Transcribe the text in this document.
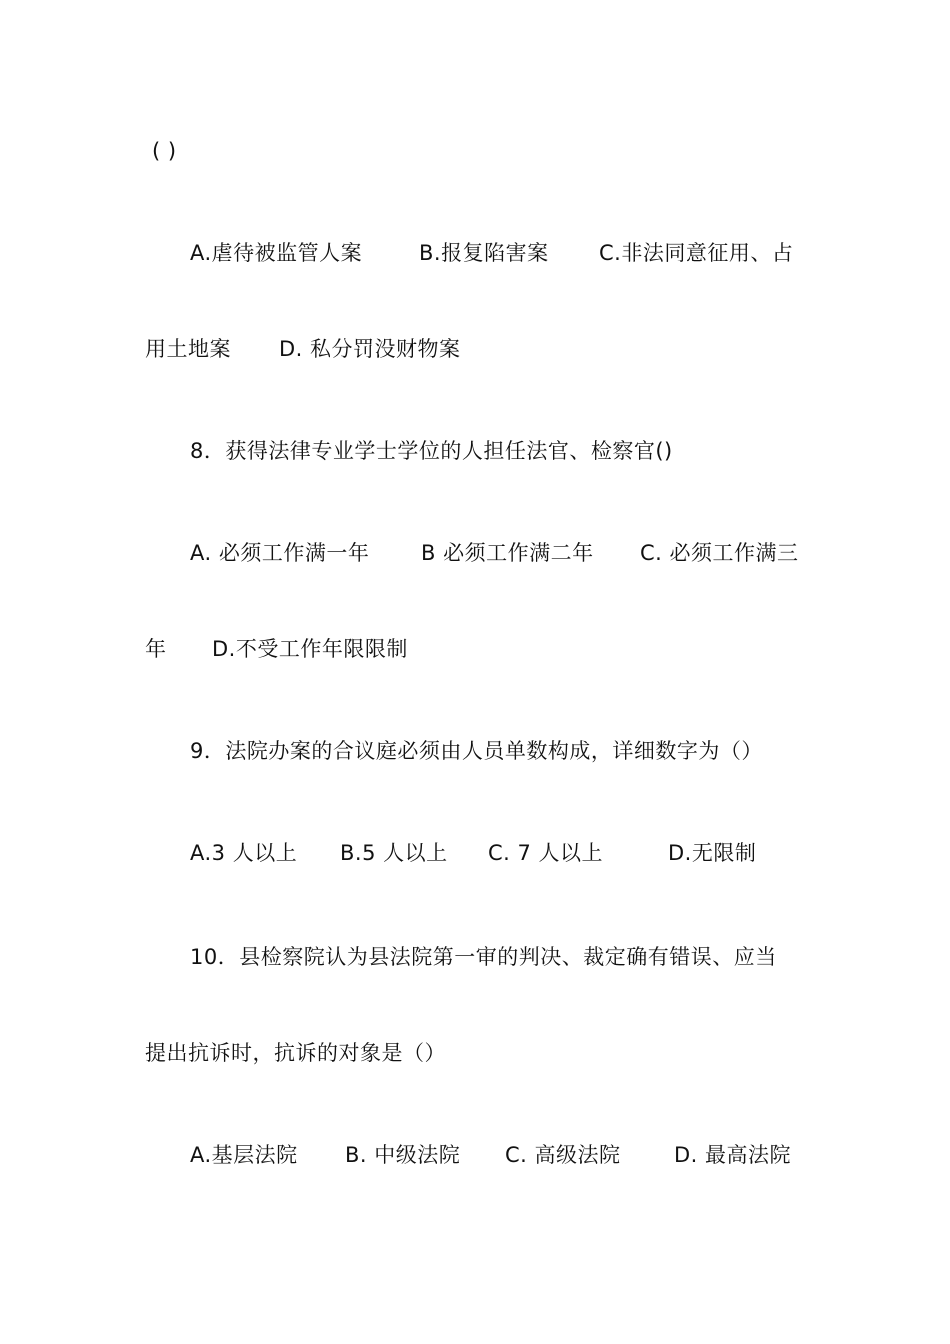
( )

A.虐待被监管人案

	B.报复陷害案

C.非法同意征用、占

用土地案

D. 私分罚没财物案

8．获得法律专业学士学位的人担任法官、检察官()

A. 必须工作满一年

B 必须工作满二年

C. 必须工作满三

年

D.不受工作年限限制

9．法院办案的合议庭必须由人员单数构成，详细数字为（）

A.3 人以上

B.5 人以上

C. 7 人以上

	D.无限制

10．县检察院认为县法院第一审的判决、裁定确有错误、应当
提出抗诉时，抗诉的对象是（）

A.基层法院

B. 中级法院

C. 高级法院

	D. 最高法院
